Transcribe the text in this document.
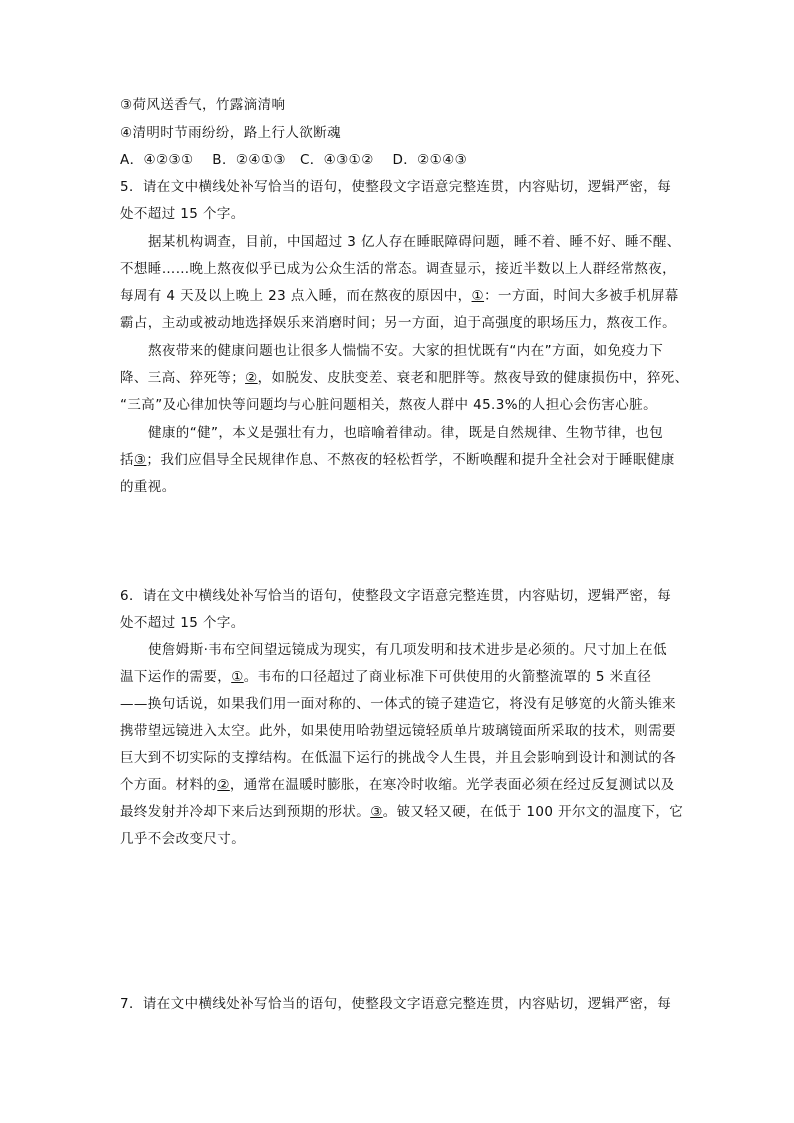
③荷风送香气，竹露滴清响
④清明时节雨纷纷，路上行人欲断魂
A．④②③①    B．②④①③   C．④③①②    D．②①④③
5．请在文中横线处补写恰当的语句，使整段文字语意完整连贯，内容贴切，逻辑严密，每
处不超过 15 个字。
据某机构调查，目前，中国超过 3 亿人存在睡眠障碍问题，睡不着、睡不好、睡不醒、
不想睡……晚上熬夜似乎已成为公众生活的常态。调查显示，接近半数以上人群经常熬夜，
每周有 4 天及以上晚上 23 点入睡，而在熬夜的原因中，①：一方面，时间大多被手机屏幕
霸占，主动或被动地选择娱乐来消磨时间；另一方面，迫于高强度的职场压力，熬夜工作。
熬夜带来的健康问题也让很多人惴惴不安。大家的担忧既有“内在”方面，如免疫力下
降、三高、猝死等；②，如脱发、皮肤变差、衰老和肥胖等。熬夜导致的健康损伤中，猝死、
“三高”及心律加快等问题均与心脏问题相关，熬夜人群中 45.3%的人担心会伤害心脏。
健康的“健”，本义是强壮有力，也暗喻着律动。律，既是自然规律、生物节律，也包
括③；我们应倡导全民规律作息、不熬夜的轻松哲学，不断唤醒和提升全社会对于睡眠健康
的重视。
6．请在文中横线处补写恰当的语句，使整段文字语意完整连贯，内容贴切，逻辑严密，每
处不超过 15 个字。
使詹姆斯·韦布空间望远镜成为现实，有几项发明和技术进步是必须的。尺寸加上在低
温下运作的需要，①。韦布的口径超过了商业标准下可供使用的火箭整流罩的 5 米直径
——换句话说，如果我们用一面对称的、一体式的镜子建造它，将没有足够宽的火箭头锥来
携带望远镜进入太空。此外，如果使用哈勃望远镜轻质单片玻璃镜面所采取的技术，则需要
巨大到不切实际的支撑结构。在低温下运行的挑战令人生畏，并且会影响到设计和测试的各
个方面。材料的②，通常在温暖时膨胀，在寒冷时收缩。光学表面必须在经过反复测试以及
最终发射并冷却下来后达到预期的形状。③。铍又轻又硬，在低于 100 开尔文的温度下，它
几乎不会改变尺寸。
7．请在文中横线处补写恰当的语句，使整段文字语意完整连贯，内容贴切，逻辑严密，每
